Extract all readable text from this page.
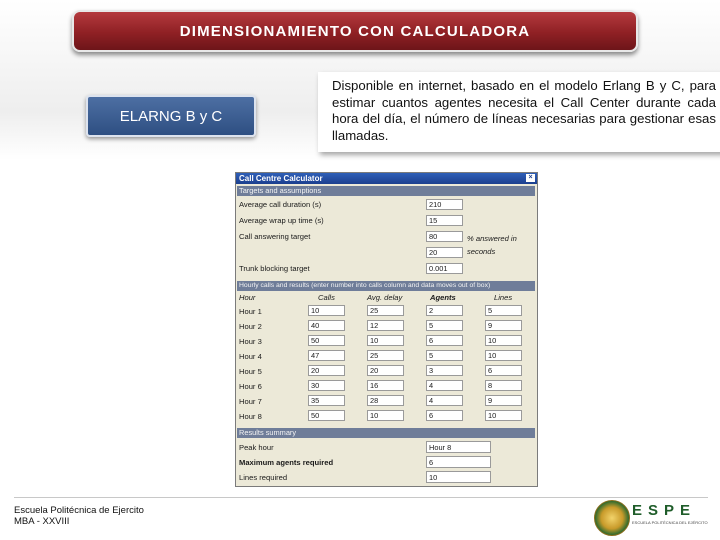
DIMENSIONAMIENTO CON CALCULADORA
ELARNG B y C
Disponible en internet, basado en el modelo Erlang B y C, para estimar cuantos agentes necesita el Call Center durante cada hora del día, el número de líneas necesarias para gestionar esas llamadas.
Call Centre Calculator	×
Targets and assumptions
Average call duration (s)	210
Average wrap up time (s)	15
Call answering target	80	% answered in
20	seconds
Trunk blocking target	0.001
Hourly calls and results (enter number into calls column and data moves out of box)
Hour	Calls	Avg. delay	Agents	Lines
Hour 1	10	25	2	5
Hour 2	40	12	5	9
Hour 3	50	10	6	10
Hour 4	47	25	5	10
Hour 5	20	20	3	6
Hour 6	30	16	4	8
Hour 7	35	28	4	9
Hour 8	50	10	6	10
Results summary
Peak hour	Hour 8
Maximum agents required	6
Lines required	10
Escuela Politécnica de Ejercito
MBA - XXVIII
ESPE
ESCUELA POLITÉCNICA DEL EJÉRCITO
